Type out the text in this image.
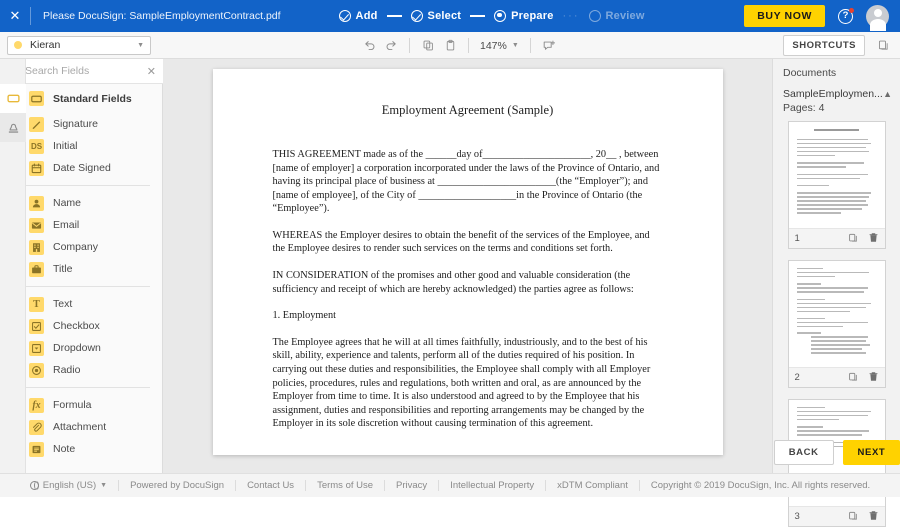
✕	Please DocuSign: SampleEmploymentContract.pdf	Add	Select	Prepare ··· Review	BUY NOW	?
Kieran	▼	147% ▼	SHORTCUTS
Search Fields
✕
Standard Fields
Signature
DS Initial
Date Signed
Name
Email
Company
Title
T	Text
Checkbox
Dropdown
Radio
fx	Formula
Attachment
Note
Employment Agreement (Sample)
THIS AGREEMENT made as of the ______day of_____________________, 20__ , between [name of employer] a corporation incorporated under the laws of the Province of Ontario, and having its principal place of business at _______________________(the “Employer”); and [name of employee], of the City of ___________________in the Province of Ontario (the “Employee”).
WHEREAS the Employer desires to obtain the benefit of the services of the Employee, and the Employee desires to render such services on the terms and conditions set forth.
IN CONSIDERATION of the promises and other good and valuable consideration (the sufficiency and receipt of which are hereby acknowledged) the parties agree as follows:
1. Employment
The Employee agrees that he will at all times faithfully, industriously, and to the best of his skill, ability, experience and talents, perform all of the duties required of his position. In carrying out these duties and responsibilities, the Employee shall comply with all Employer policies, procedures, rules and regulations, both written and oral, as are announced by the Employer from time to time. It is also understood and agreed to by the Employee that his assignment, duties and responsibilities and reporting arrangements may be changed by the Employer in its sole discretion without causing termination of this agreement.
Documents
SampleEmploymen... ▲
Pages: 4
1
2
3
BACK	NEXT
English (US) ▼	Powered by DocuSign	Contact Us	Terms of Use	Privacy	Intellectual Property	xDTM Compliant	Copyright © 2019 DocuSign, Inc. All rights reserved.
